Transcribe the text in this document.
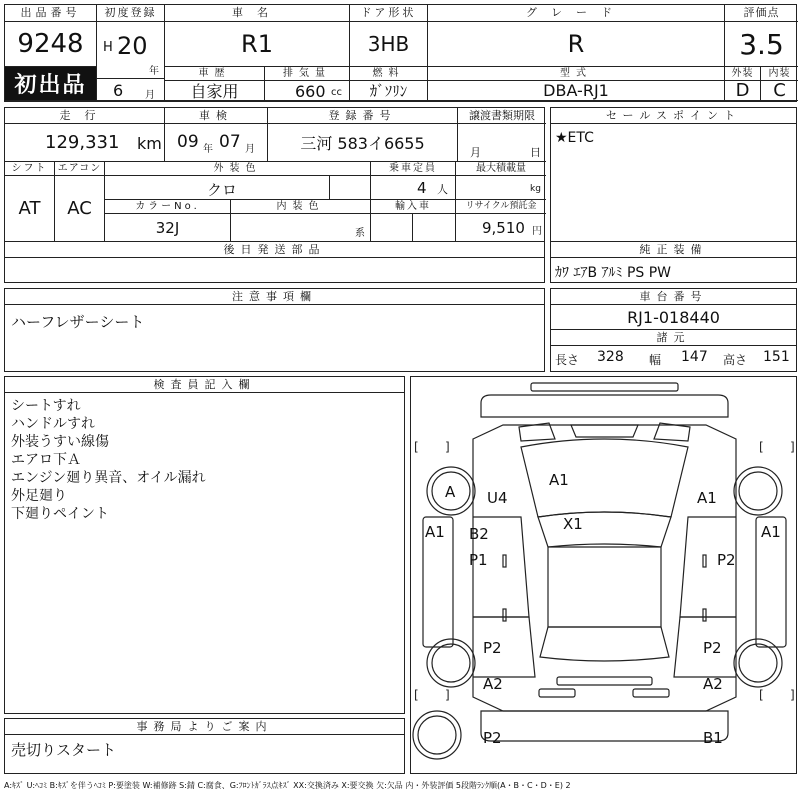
出品番号
9248
初出品
初度登録
H 20
年
6 月
車名
R1
ドア形状
3HB
グレード
R
車歴
自家用
排気量
660 cc
燃料
ｶﾞｿﾘﾝ
型式
DBA-RJ1
評価点
3.5
外装	内装
D	C
走行
129,331 km
車検
09 年 07 月
登録番号
三河 583イ6655
譲渡書類期限
月	日
シフト
AT
エアコン
AC
外装色
クロ
乗車定員
4 人
最大積載量
kg
カラーNo.
32J
内装色
系
輸入車	リサイクル預託金
9,510 円
セールスポイント
★ETC
後日発送部品	純正装備
ｶﾜ ｴｱB ｱﾙﾐ PS PW
注意事項欄
ハーフレザーシート
車台番号
RJ1-018440
諸元
長さ 328 幅 147 高さ 151
検査員記入欄
シートすれ
ハンドルすれ
外装うすい線傷
エアロ下Ａ
エンジン廻り異音、オイル漏れ
外足廻り
下廻りペイント
事務局よりご案内
売切りスタート
[ ]	[ ]
[ ]	[ ]
A U4
A1
A1
A1	A1
X1
B2
P1	P2
P2	P2
A2	A2
P2	B1
A:ｷｽﾞ U:ﾍｺﾐ B:ｷｽﾞを伴うﾍｺﾐ P:要塗装 W:補修跡 S:錆 C:腐食、G:ﾌﾛﾝﾄｶﾞﾗｽ点ｷｽﾞ XX:交換済み X:要交換 欠:欠品 内・外装評価 5段階ﾗﾝｸ順(A・B・C・D・E) 2
